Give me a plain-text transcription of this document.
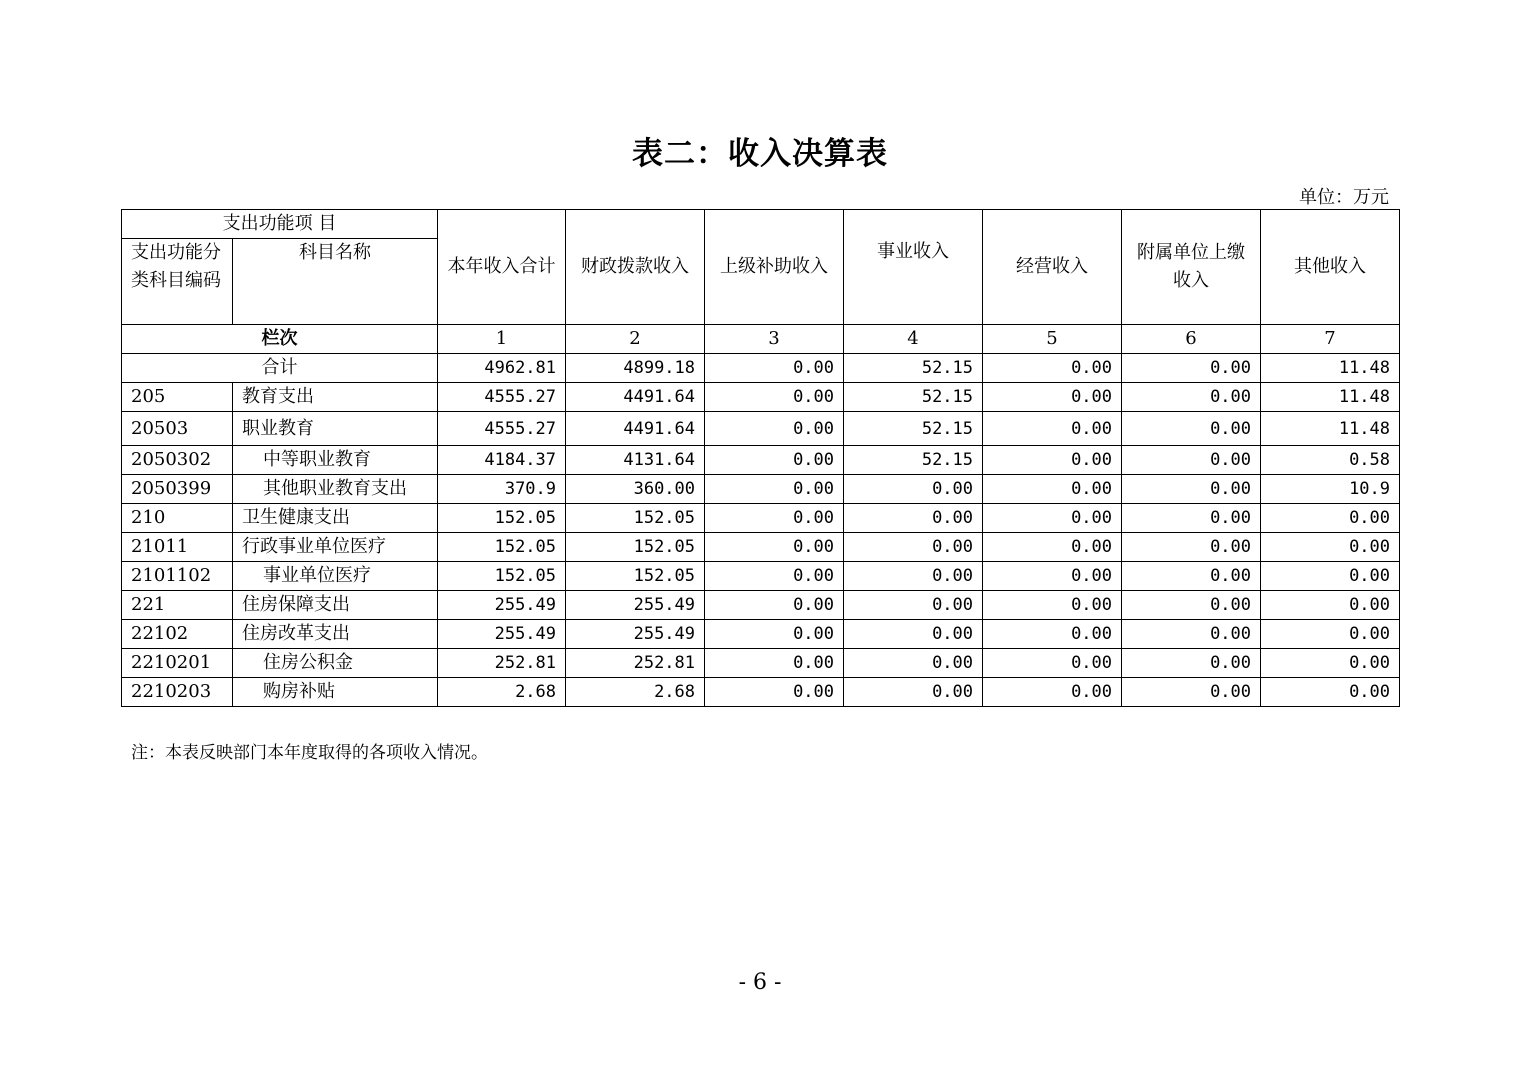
表二：收入决算表
单位：万元
支出功能项 目		本年收入合计	财政拨款收入	上级补助收入	事业收入	经营收入	附属单位上缴收入	其他收入
支出功能分类科目编码	科目名称							
栏次		1	2	3	4	5	6	7
合计		4962.81	4899.18	0.00	52.15	0.00	0.00	11.48
205	教育支出	4555.27	4491.64	0.00	52.15	0.00	0.00	11.48
20503	职业教育	4555.27	4491.64	0.00	52.15	0.00	0.00	11.48
2050302	中等职业教育	4184.37	4131.64	0.00	52.15	0.00	0.00	0.58
2050399	其他职业教育支出	370.9	360.00	0.00	0.00	0.00	0.00	10.9
210	卫生健康支出	152.05	152.05	0.00	0.00	0.00	0.00	0.00
21011	行政事业单位医疗	152.05	152.05	0.00	0.00	0.00	0.00	0.00
2101102	事业单位医疗	152.05	152.05	0.00	0.00	0.00	0.00	0.00
221	住房保障支出	255.49	255.49	0.00	0.00	0.00	0.00	0.00
22102	住房改革支出	255.49	255.49	0.00	0.00	0.00	0.00	0.00
2210201	住房公积金	252.81	252.81	0.00	0.00	0.00	0.00	0.00
2210203	购房补贴	2.68	2.68	0.00	0.00	0.00	0.00	0.00
注：本表反映部门本年度取得的各项收入情况。
- 6 -
